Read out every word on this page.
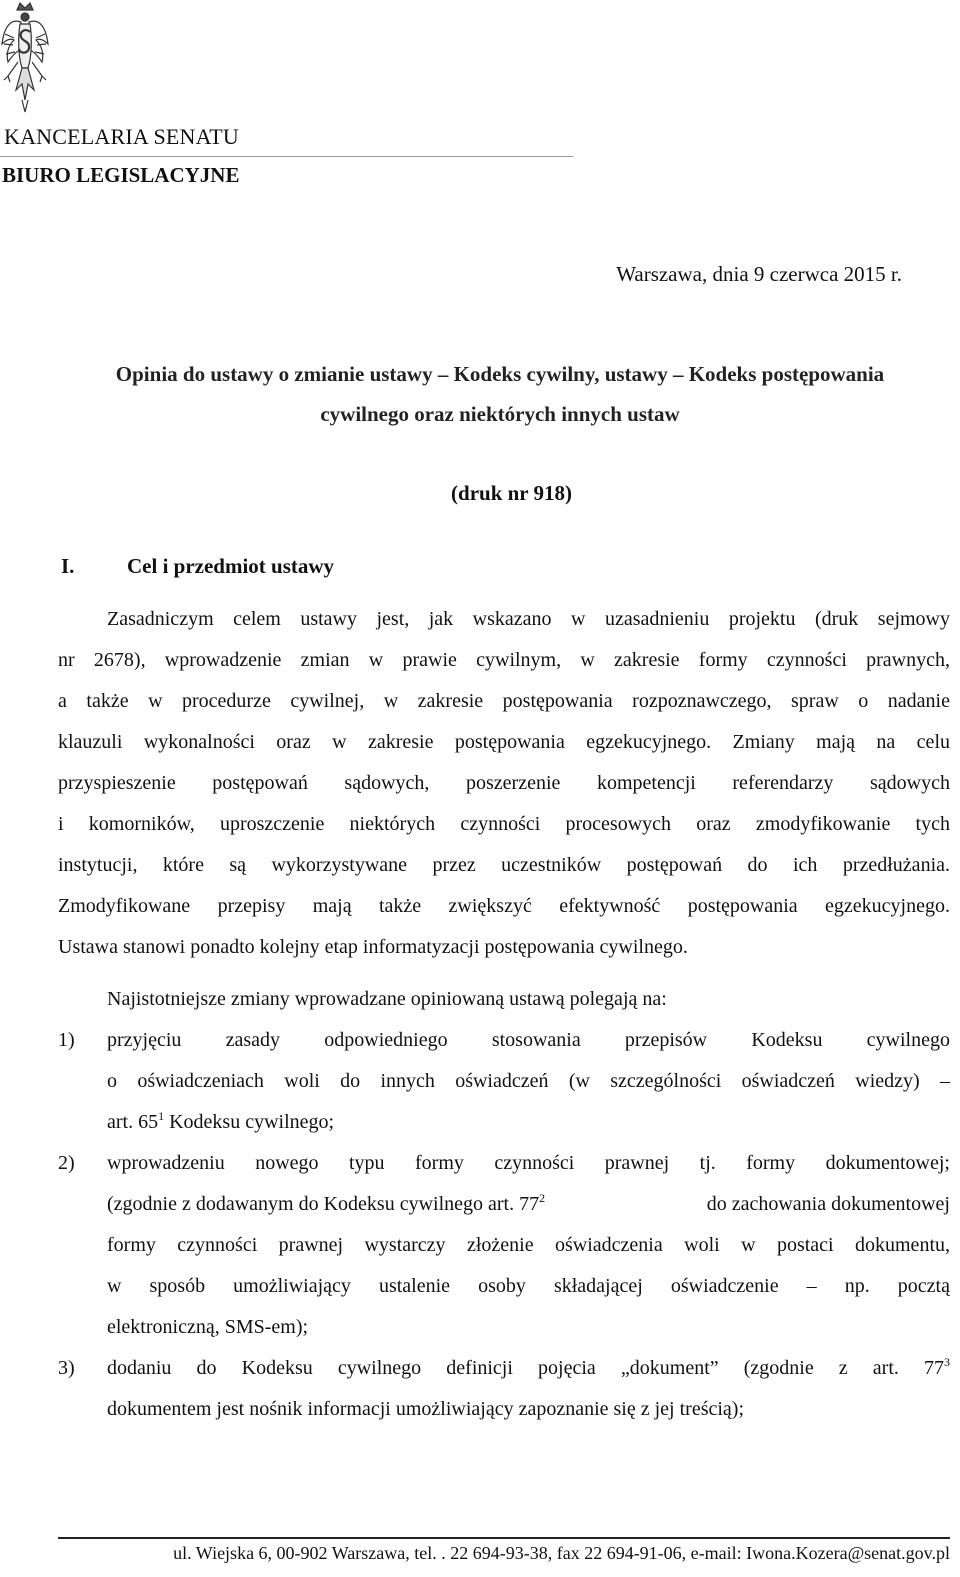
KANCELARIA SENATU
BIURO LEGISLACYJNE
Warszawa, dnia 9 czerwca 2015 r.
Opinia do ustawy o zmianie ustawy – Kodeks cywilny, ustawy – Kodeks postępowania
cywilnego oraz niektórych innych ustaw
(druk nr 918)
I.	Cel i przedmiot ustawy
Zasadniczym celem ustawy jest, jak wskazano w uzasadnieniu projektu (druk sejmowy
nr 2678), wprowadzenie zmian w prawie cywilnym, w zakresie formy czynności prawnych,
a także w procedurze cywilnej, w zakresie postępowania rozpoznawczego, spraw o nadanie
klauzuli wykonalności oraz w zakresie postępowania egzekucyjnego. Zmiany mają na celu
przyspieszenie postępowań sądowych, poszerzenie kompetencji referendarzy sądowych
i komorników, uproszczenie niektórych czynności procesowych oraz zmodyfikowanie tych
instytucji, które są wykorzystywane przez uczestników postępowań do ich przedłużania.
Zmodyfikowane przepisy mają także zwiększyć efektywność postępowania egzekucyjnego.
Ustawa stanowi ponadto kolejny etap informatyzacji postępowania cywilnego.
Najistotniejsze zmiany wprowadzane opiniowaną ustawą polegają na:
1) przyjęciu zasady odpowiedniego stosowania przepisów Kodeksu cywilnego
o oświadczeniach woli do innych oświadczeń (w szczególności oświadczeń wiedzy) –
art. $65^1$ Kodeksu cywilnego;
2) wprowadzeniu nowego typu formy czynności prawnej tj. formy dokumentowej;
(zgodnie z dodawanym do Kodeksu cywilnego art. $77^2$	do zachowania dokumentowej
formy czynności prawnej wystarczy złożenie oświadczenia woli w postaci dokumentu,
w sposób umożliwiający ustalenie osoby składającej oświadczenie – np. pocztą
elektroniczną, SMS-em);
3) dodaniu do Kodeksu cywilnego definicji pojęcia „dokument” (zgodnie z art. $77^3$
dokumentem jest nośnik informacji umożliwiający zapoznanie się z jej treścią);
ul. Wiejska 6, 00-902 Warszawa, tel. . 22 694-93-38, fax 22 694-91-06, e-mail: Iwona.Kozera@senat.gov.pl
